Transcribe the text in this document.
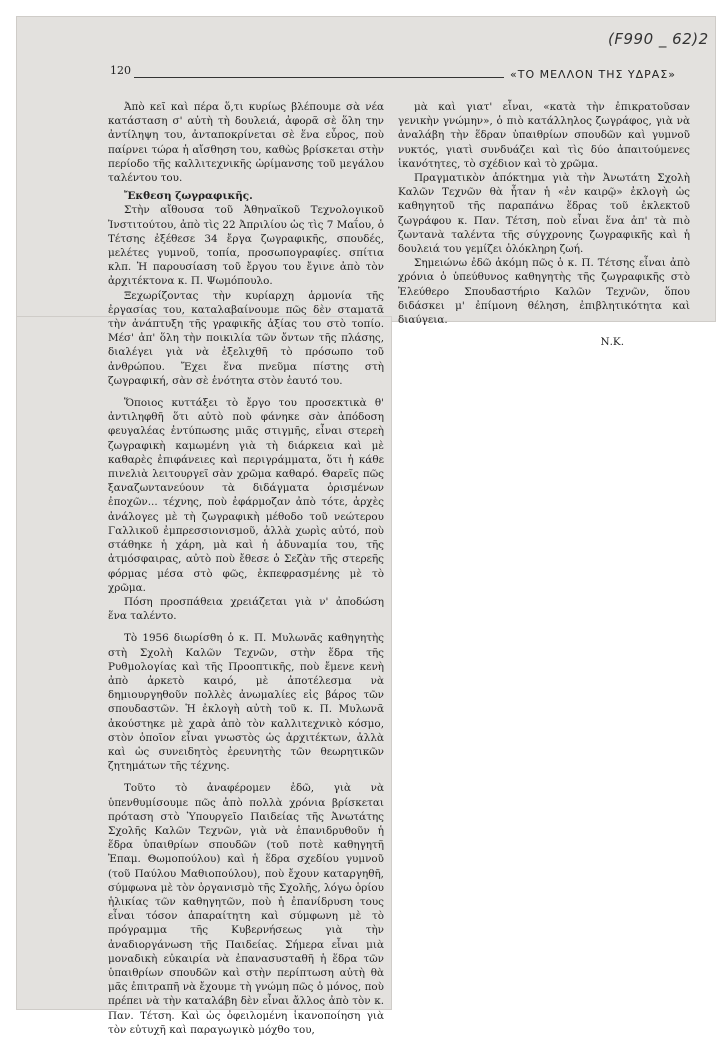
(F990 _ 62)2
120	«ΤΟ ΜΕΛΛΟΝ ΤΗΣ ΥΔΡΑΣ»

Ἀπὸ κεῖ καὶ πέρα ὅ,τι κυρίως βλέπουμε σὰ νέα κατάσταση σ' αὐτὴ τὴ δουλειά, ἀφορᾶ σὲ ὅλη την ἀντίληψη του, ἀνταποκρίνεται σὲ ἕνα εὖρος, ποὺ παίρνει τώρα ἡ αἴσθηση του, καθὼς βρίσκεται στὴν περίοδο τῆς καλλιτεχνικῆς ὡρίμανσης τοῦ μεγάλου ταλέντου του.

Ἔκθεση ζωγραφικῆς.

Στὴν αἴθουσα τοῦ Ἀθηναϊκοῦ Τεχνολογικοῦ Ἰνστιτούτου, ἀπὸ τὶς 22 Ἀπριλίου ὡς τὶς 7 Μαΐου, ὁ Τέτσης ἐξέθεσε 34 ἔργα ζωγραφικῆς, σπουδές, μελέτες γυμνοῦ, τοπία, προσωπογραφίες. σπίτια κλπ. Ἡ παρουσίαση τοῦ ἔργου του ἔγινε ἀπὸ τὸν ἀρχιτέκτονα κ. Π. Ψωμόπουλο.

Ξεχωρίζοντας τὴν κυρίαρχη ἁρμονία τῆς ἐργασίας του, καταλαβαίνουμε πῶς δὲν σταματᾶ τὴν ἀνάπτυξη τῆς γραφικῆς ἀξίας του στὸ τοπίο. Μέσ' ἀπ' ὅλη τὴν ποικιλία τῶν ὄντων τῆς πλάσης, διαλέγει γιὰ νὰ ἐξελιχθῆ τὸ πρόσωπο τοῦ ἀνθρώπου. Ἔχει ἕνα πνεῦμα πίστης στὴ ζωγραφική, σὰν σὲ ἑνότητα στὸν ἑαυτό του.

Ὅποιος κυττάξει τὸ ἔργο του προσεκτικὰ θ' ἀντιληφθῆ ὅτι αὐτὸ ποὺ φάνηκε σὰν ἀπόδοση φευγαλέας ἐντύπωσης μιᾶς στιγμῆς, εἶναι στερεὴ ζωγραφικὴ καμωμένη γιὰ τὴ διάρκεια καὶ μὲ καθαρὲς ἐπιφάνειες καὶ περιγράμματα, ὅτι ἡ κάθε πινελιὰ λειτουργεῖ σὰν χρῶμα καθαρό. Θαρεῖς πῶς ξαναζωντανεύουν τὰ διδάγματα ὁρισμένων ἐποχῶν... τέχνης, ποὺ ἐφάρμοζαν ἀπὸ τότε, ἀρχὲς ἀνάλογες μὲ τὴ ζωγραφικὴ μέθοδο τοῦ νεώτερου Γαλλικοῦ ἐμπρεσσιονισμοῦ, ἀλλὰ χωρὶς αὐτό, ποὺ στάθηκε ἡ χάρη, μὰ καὶ ἡ ἀδυναμία του, τῆς ἀτμόσφαιρας, αὐτὸ ποὺ ἔθεσε ὁ Σεζὰν τῆς στερεῆς φόρμας μέσα στὸ φῶς, ἐκπεφρασμένης μὲ τὸ χρῶμα.

Πόση προσπάθεια χρειάζεται γιὰ ν' ἀποδώση ἕνα ταλέντο.

Τὸ 1956 διωρίσθη ὁ κ. Π. Μυλωνᾶς καθηγητὴς στὴ Σχολὴ Καλῶν Τεχνῶν, στὴν ἕδρα τῆς Ρυθμολογίας καὶ τῆς Προοπτικῆς, ποὺ ἔμενε κενὴ ἀπὸ ἀρκετὸ καιρό, μὲ ἀποτέλεσμα νὰ δημιουργηθοῦν πολλὲς ἀνωμαλίες εἰς βάρος τῶν σπουδαστῶν. Ἡ ἐκλογὴ αὐτὴ τοῦ κ. Π. Μυλωνᾶ ἀκούστηκε μὲ χαρὰ ἀπὸ τὸν καλλιτεχνικὸ κόσμο, στὸν ὁποῖον εἶναι γνωστὸς ὡς ἀρχιτέκτων, ἀλλὰ καὶ ὡς συνειδητὸς ἐρευνητὴς τῶν θεωρητικῶν ζητημάτων τῆς τέχνης.

Τοῦτο τὸ ἀναφέρομεν ἐδῶ, γιὰ νὰ ὑπενθυμίσουμε πῶς ἀπὸ πολλὰ χρόνια βρίσκεται πρόταση στὸ Ὑπουργεῖο Παιδείας τῆς Ἀνωτάτης Σχολῆς Καλῶν Τεχνῶν, γιὰ νὰ ἐπανιδρυθοῦν ἡ ἕδρα ὑπαιθρίων σπουδῶν (τοῦ ποτὲ καθηγητῆ Ἐπαμ. Θωμοπούλου) καὶ ἡ ἕδρα σχεδίου γυμνοῦ (τοῦ Παύλου Μαθιοπούλου), ποὺ ἔχουν καταργηθῆ, σύμφωνα μὲ τὸν ὀργανισμὸ τῆς Σχολῆς, λόγω ὁρίου ἡλικίας τῶν καθηγητῶν, ποὺ ἡ ἐπανίδρυση τους εἶναι τόσον ἀπαραίτητη καὶ σύμφωνη μὲ τὸ πρόγραμμα τῆς Κυβερνήσεως γιὰ τὴν ἀναδιοργάνωση τῆς Παιδείας. Σήμερα εἶναι μιὰ μοναδικὴ εὐκαιρία νὰ ἐπανασυσταθῆ ἡ ἕδρα τῶν ὑπαιθρίων σπουδῶν καὶ στὴν περίπτωση αὐτὴ θὰ μᾶς ἐπιτραπῆ νὰ ἔχουμε τὴ γνώμη πῶς ὁ μόνος, ποὺ πρέπει νὰ τὴν καταλάβη δὲν εἶναι ἄλλος ἀπὸ τὸν κ. Παν. Τέτση. Καὶ ὡς ὀφειλομένη ἱκανοποίηση γιὰ τὸν εὐτυχῆ καὶ παραγωγικὸ μόχθο του,

μὰ καὶ γιατ' εἶναι, «κατὰ τὴν ἐπικρατοῦσαν γενικὴν γνώμην», ὁ πιὸ κατάλληλος ζωγράφος, γιὰ νὰ ἀναλάβη τὴν ἕδραν ὑπαιθρίων σπουδῶν καὶ γυμνοῦ νυκτός, γιατὶ συνδυάζει καὶ τὶς δύο ἀπαιτούμενες ἱκανότητες, τὸ σχέδιον καὶ τὸ χρῶμα.

Πραγματικὸν ἀπόκτημα γιὰ τὴν Ἀνωτάτη Σχολὴ Καλῶν Τεχνῶν θὰ ἦταν ἡ «ἐν καιρῷ» ἐκλογὴ ὡς καθηγητοῦ τῆς παραπάνω ἕδρας τοῦ ἐκλεκτοῦ ζωγράφου κ. Παν. Τέτση, ποὺ εἶναι ἕνα ἀπ' τὰ πιὸ ζωντανὰ ταλέντα τῆς σύγχρονης ζωγραφικῆς καὶ ἡ δουλειά του γεμίζει ὁλόκληρη ζωή.

Σημειώνω ἐδῶ ἀκόμη πῶς ὁ κ. Π. Τέτσης εἶναι ἀπὸ χρόνια ὁ ὑπεύθυνος καθηγητὴς τῆς ζωγραφικῆς στὸ Ἐλεύθερο Σπουδαστήριο Καλῶν Τεχνῶν, ὅπου διδάσκει μ' ἐπίμονη θέληση, ἐπιβλητικότητα καὶ διαύγεια.

Ν.Κ.
